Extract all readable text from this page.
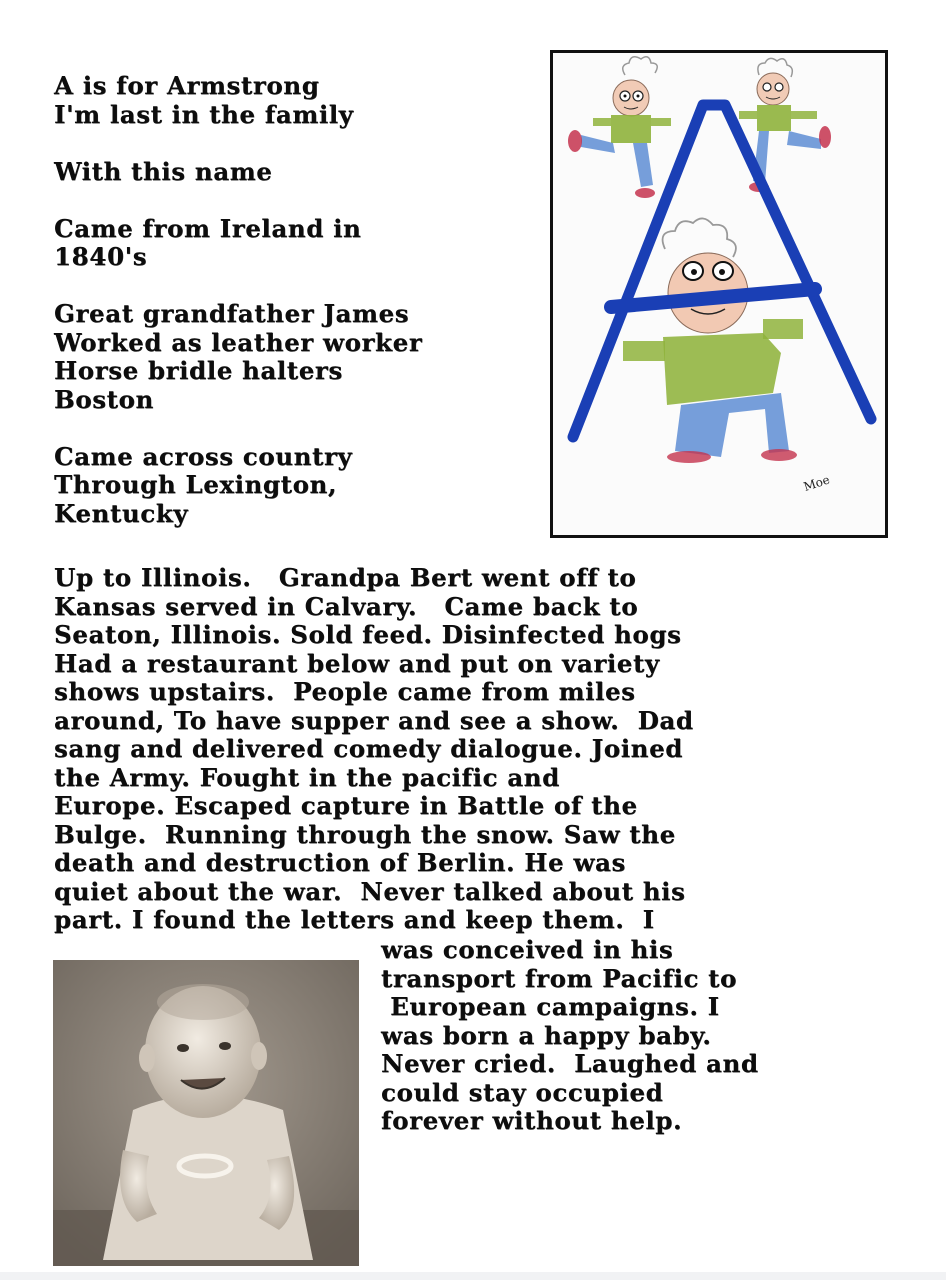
A is for Armstrong
I'm last in the family
With this name
Came from Ireland in
1840's
Great grandfather James
Worked as leather worker
Horse bridle halters
Boston
Came across country
Through Lexington,
Kentucky
Moe
Up to Illinois.   Grandpa Bert went off to
Kansas served in Calvary.   Came back to
Seaton, Illinois. Sold feed. Disinfected hogs
Had a restaurant below and put on variety
shows upstairs.  People came from miles
around, To have supper and see a show.  Dad
sang and delivered comedy dialogue. Joined
the Army. Fought in the pacific and
Europe. Escaped capture in Battle of the
Bulge.  Running through the snow. Saw the
death and destruction of Berlin. He was
quiet about the war.  Never talked about his
part. I found the letters and keep them.  I
was conceived in his
transport from Pacific to
European campaigns. I
was born a happy baby.
Never cried.  Laughed and
could stay occupied
forever without help.
